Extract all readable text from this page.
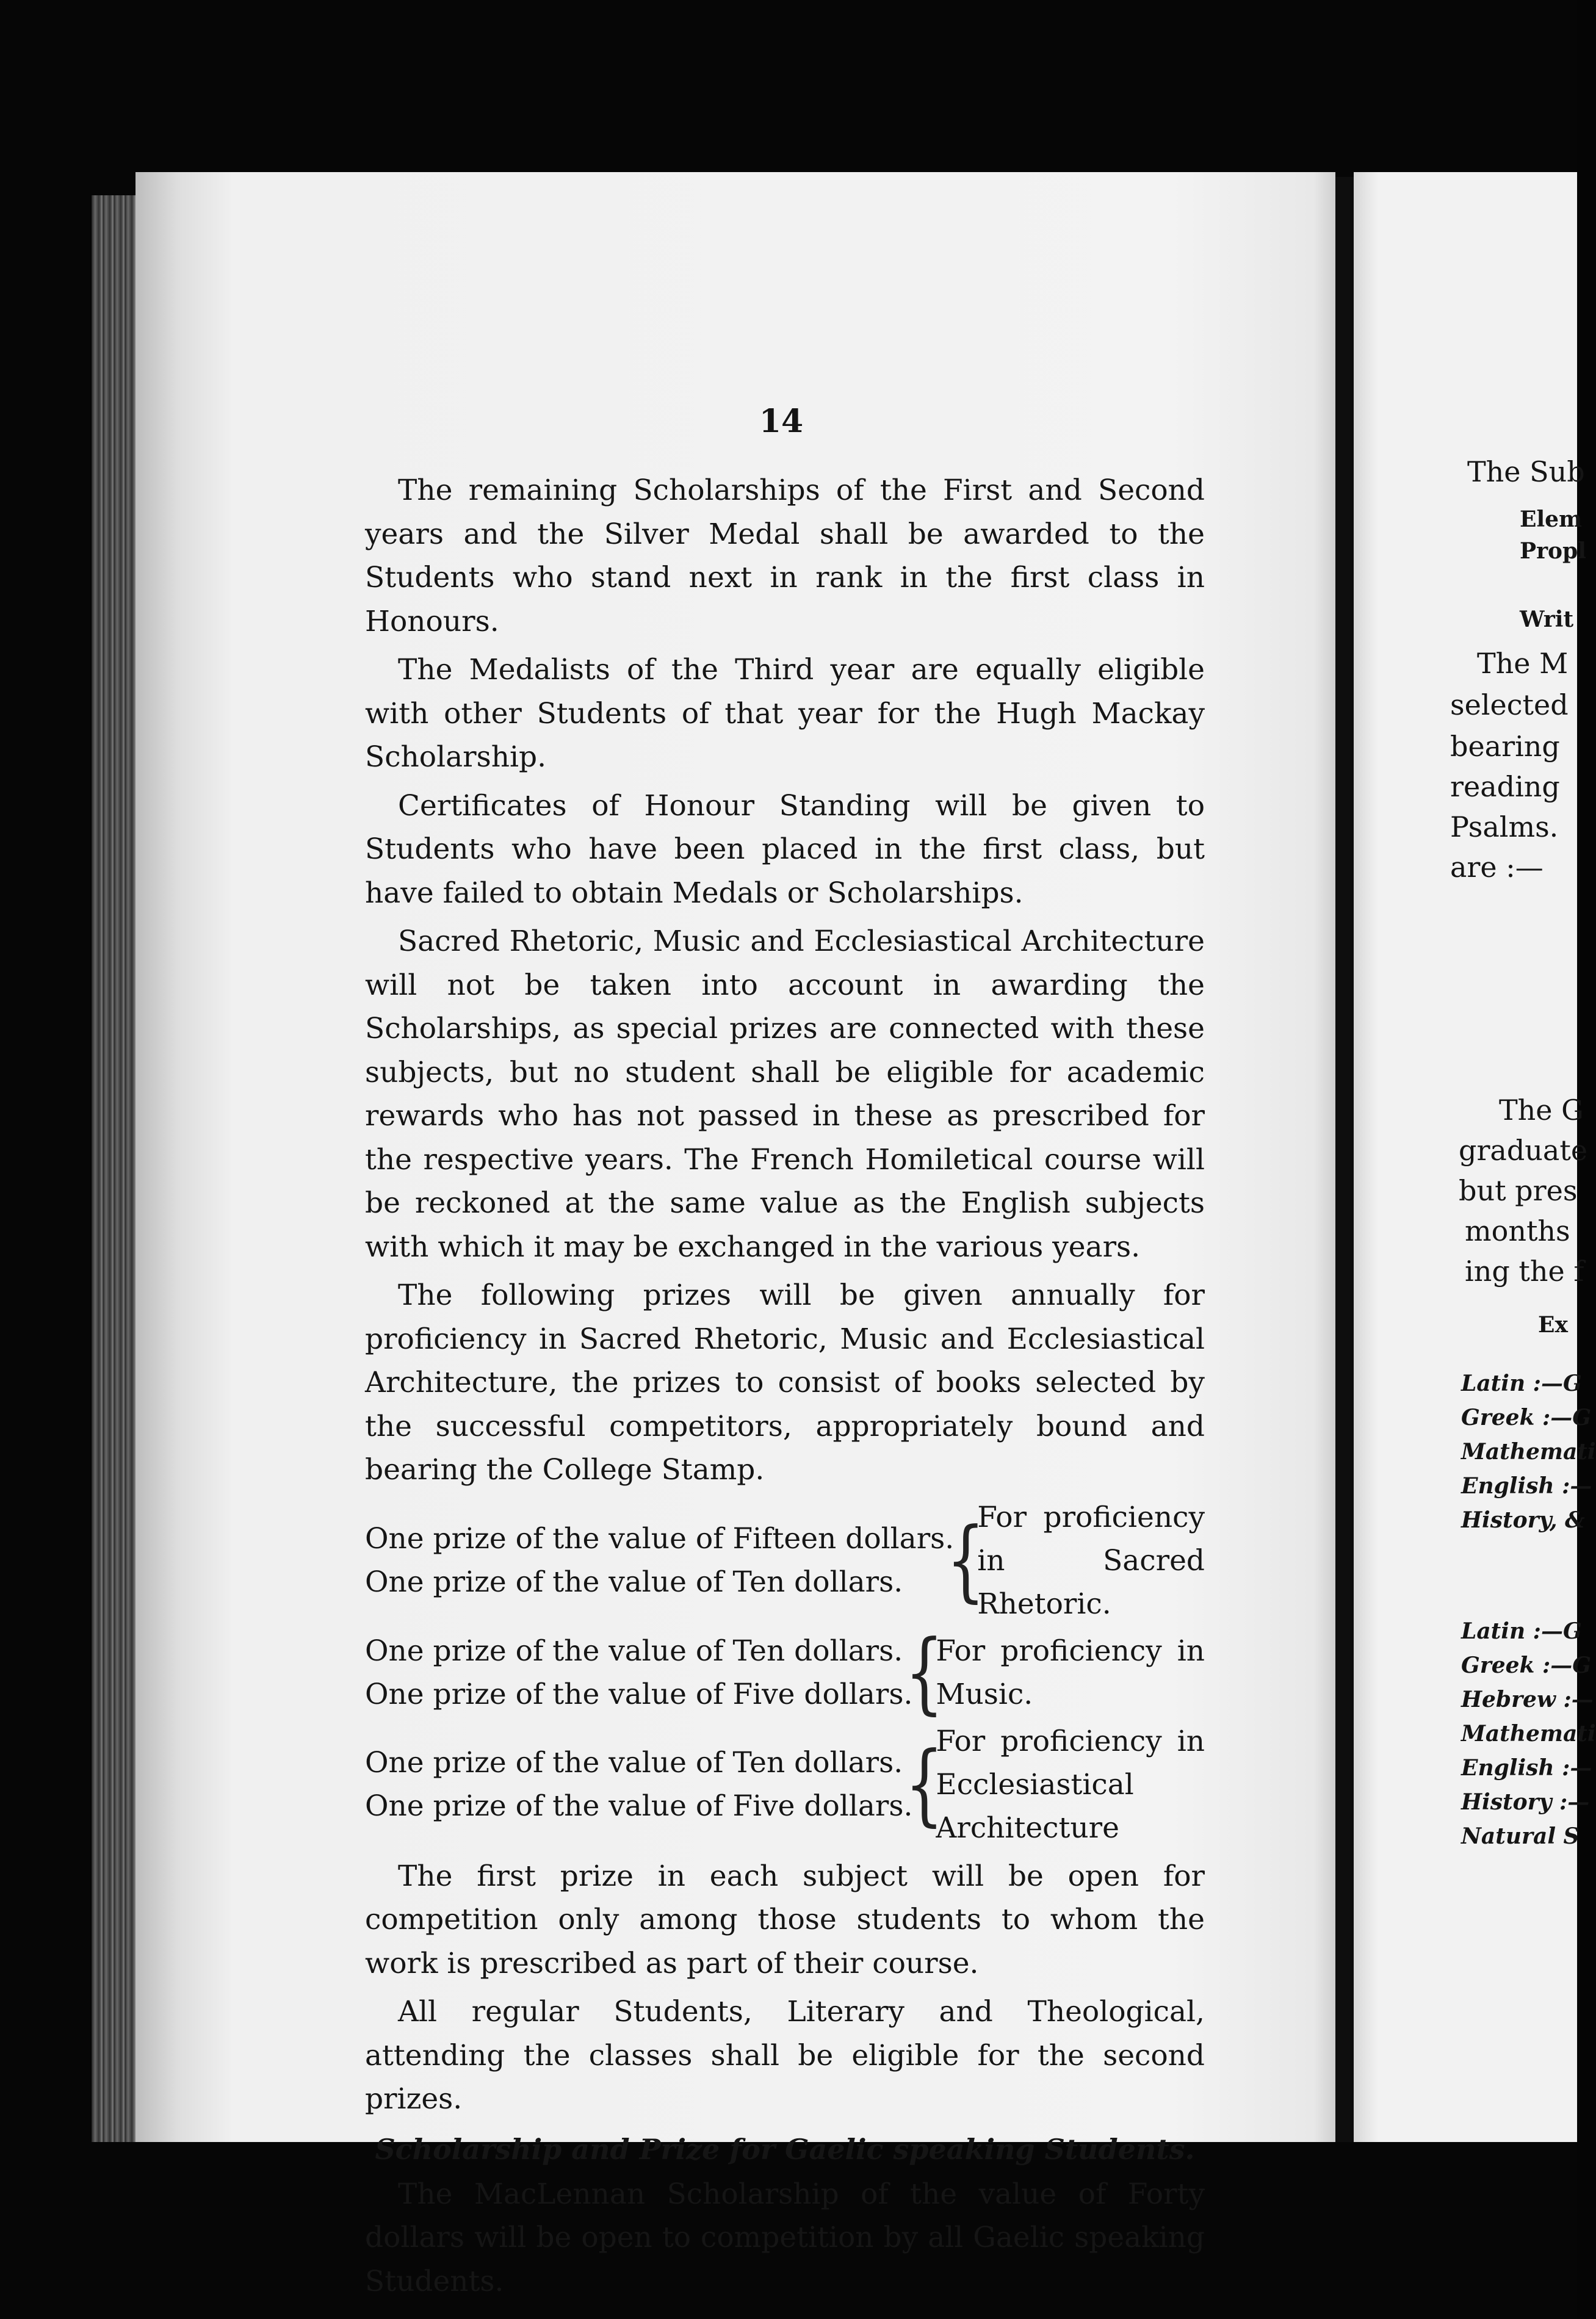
14

The remaining Scholarships of the First and Second years and the Silver Medal shall be awarded to the Students who stand next in rank in the first class in Honours.

The Medalists of the Third year are equally eligible with other Students of that year for the Hugh Mackay Scholarship.

Certificates of Honour Standing will be given to Students who have been placed in the first class, but have failed to obtain Medals or Scholarships.

Sacred Rhetoric, Music and Ecclesiastical Architecture will not be taken into account in awarding the Scholarships, as special prizes are connected with these subjects, but no student shall be eligible for academic rewards who has not passed in these as prescribed for the respective years. The French Homiletical course will be reckoned at the same value as the English subjects with which it may be exchanged in the various years.

The following prizes will be given annually for proficiency in Sacred Rhetoric, Music and Ecclesiastical Architecture, the prizes to consist of books selected by the successful competitors, appropriately bound and bearing the College Stamp.

One prize of the value of Fifteen dollars.
One prize of the value of Ten dollars. {
For proficiency in Sacred Rhetoric.
One prize of the value of Ten dollars.
One prize of the value of Five dollars.
{
For proficiency in Music.
One prize of the value of Ten dollars.
One prize of the value of Five dollars.
{
For proficiency in Ecclesiastical Architecture

The first prize in each subject will be open for competition only among those students to whom the work is prescribed as part of their course.

All regular Students, Literary and Theological, attending the classes shall be eligible for the second prizes.

Scholarship and Prize for Gaelic speaking Students.

The MacLennan Scholarship of the value of Forty dollars will be open to competition by all Gaelic speaking Students.

The Sub
Elem
Propl
Writ
The M
selected
bearing
reading
Psalms.
are :—
The G
graduate
but pres
months
ing the f
Ex
Latin :—G
Greek :—G
Mathemati
English :—
History, &
Latin :—G
Greek :—G
Hebrew :—
Mathemati
English :—
History :—
Natural S
